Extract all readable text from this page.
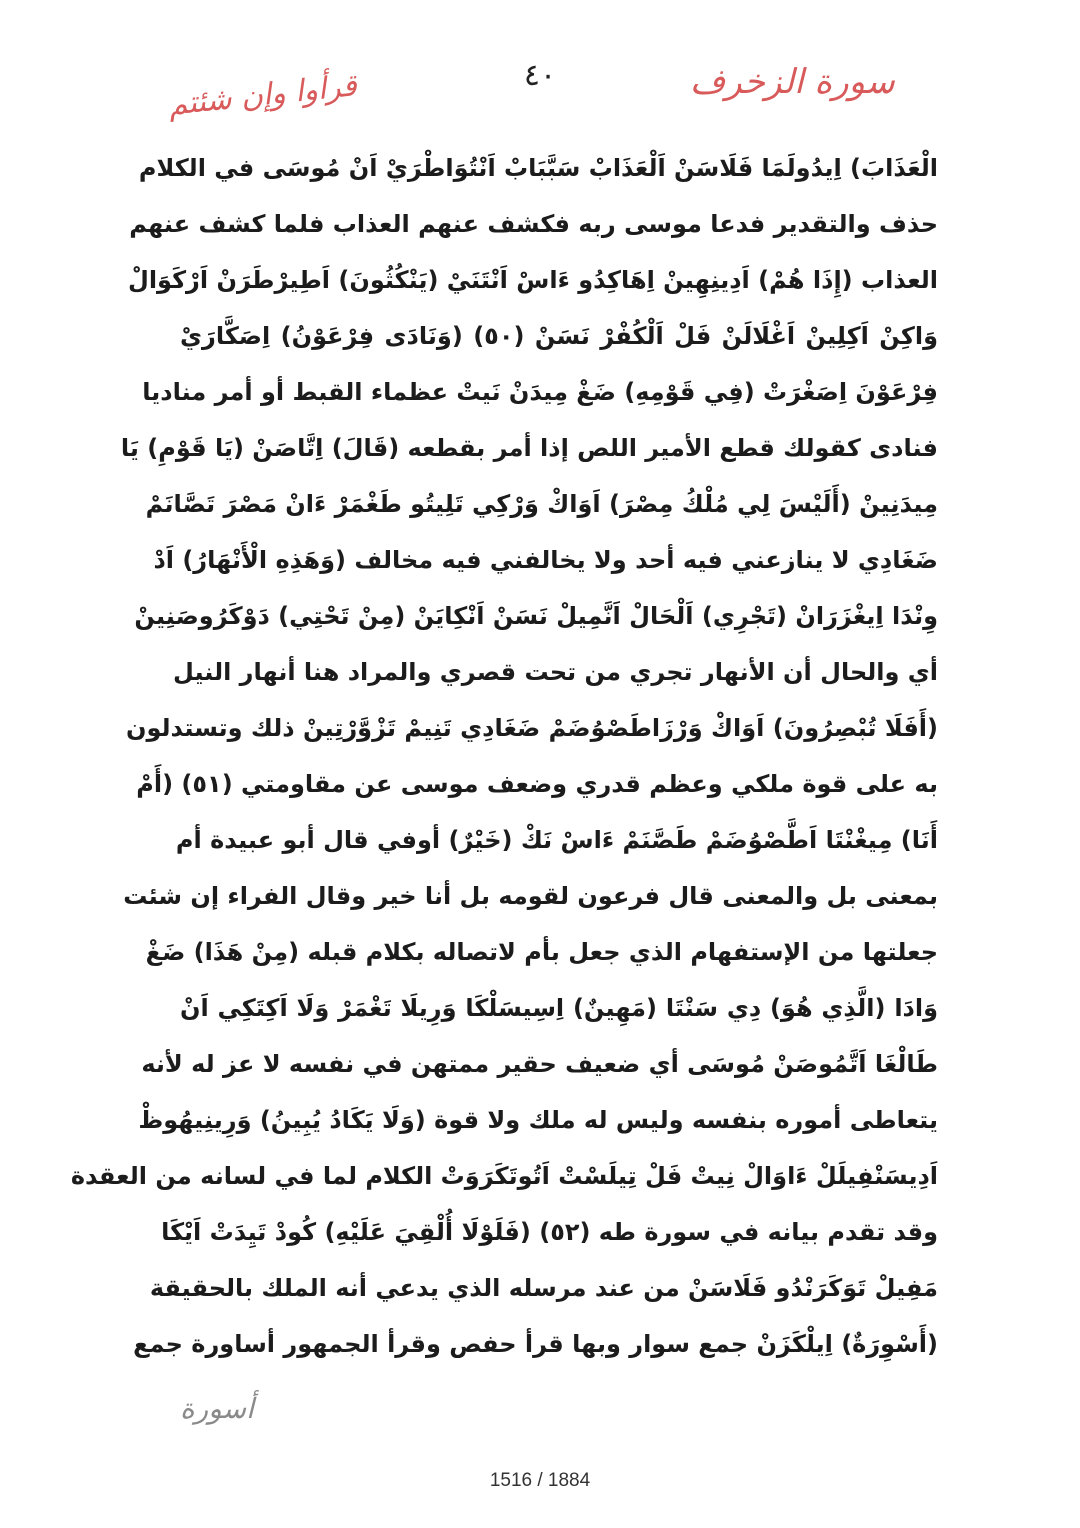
٤٠
قرأوا وإن شئتم	سورة الزخرف
الْعَذَابَ) اِيدُولَمَا فَلَاسَنْ اَلْعَذَابْ سَبَّبَابْ اَنْتُوَاطْرَيْ اَنْ مُوسَى في الكلام
حذف والتقدير فدعا موسى ربه فكشف عنهم العذاب فلما كشف عنهم
العذاب (إِذَا هُمْ) اَدِينِهِينْ اِهَاكِدُو ءَاسْ اَنْتَنَيْ (يَنْكُثُونَ) اَطِيرْطَرَنْ اَرْكَوَالْ
وَاكِنْ اَكِلِينْ اَغْلَالَنْ فَلْ اَلْكُفْرْ نَسَنْ (٥٠) (وَنَادَى فِرْعَوْنُ) اِصَكَّارَيْ
فِرْعَوْنَ اِصَغْرَتْ (فِي قَوْمِهِ) ضَغْ مِيدَنْ نَيتْ عظماء القبط أو أمر مناديا
فنادى كقولك قطع الأمير اللص إذا أمر بقطعه (قَالَ) اِتَّاصَنْ (يَا قَوْمِ) يَا
مِيدَنِينْ (أَلَيْسَ لِي مُلْكُ مِصْرَ) اَوَاكْ وَرْكِي تَلِيتُو طَغْمَرْ ءَانْ مَصْرَ تَصَّانَمْ
ضَغَادِي لا ينازعني فيه أحد ولا يخالفني فيه مخالف (وَهَذِهِ الْأَنْهَارُ) اَدْ
وِنْدَا اِيغْزَرَانْ (تَجْرِي) اَلْحَالْ اَنَّمِيلْ نَسَنْ اَنْكِايَنْ (مِنْ تَحْتِي) دَوْكَرُوصَنِينْ
أي والحال أن الأنهار تجري من تحت قصري والمراد هنا أنهار النيل
(أَفَلَا تُبْصِرُونَ) اَوَاكْ وَرْزَاطَصْوُضَمْ ضَغَادِي تَنِيمْ تَزْوَّرْتِينْ ذلك وتستدلون
به على قوة ملكي وعظم قدري وضعف موسى عن مقاومتي (٥١) (أَمْ
أَنَا) مِيغْنْتَا اَطَّصْوُضَمْ طَصَّنَمْ ءَاسْ نَكْ (خَيْرٌ) أوفي قال أبو عبيدة أم
بمعنى بل والمعنى قال فرعون لقومه بل أنا خير وقال الفراء إن شئت
جعلتها من الإستفهام الذي جعل بأم لاتصاله بكلام قبله (مِنْ هَذَا) ضَغْ
وَادَا (الَّذِي هُوَ) دِي سَنْتَا (مَهِينٌ) اِسِيسَلْكَا وَرِيلَا تَغْمَرْ وَلَا اَكِتَكِي اَنْ
طَالْغَا اَتَّمُوصَنْ مُوسَى أي ضعيف حقير ممتهن في نفسه لا عز له لأنه
يتعاطى أموره بنفسه وليس له ملك ولا قوة (وَلَا يَكَادُ يُبِينُ) وَرِينِيهُوظْ
اَدِيسَنْفِيلَلْ ءَاوَالْ نِيتْ فَلْ تِيلَسْتْ اَتُوتَكَرَوَتْ الكلام لما في لسانه من العقدة
وقد تقدم بيانه في سورة طه (٥٢) (فَلَوْلَا أُلْقِيَ عَلَيْهِ) كُودْ تَيِدَتْ اَيْكَا
مَفِيلْ تَوَكَرَنْدُو فَلَاسَنْ من عند مرسله الذي يدعي أنه الملك بالحقيقة
(أَسْوِرَةٌ) اِيلْكَزَنْ جمع سوار وبها قرأ حفص وقرأ الجمهور أساورة جمع
أسورة
1516 / 1884
